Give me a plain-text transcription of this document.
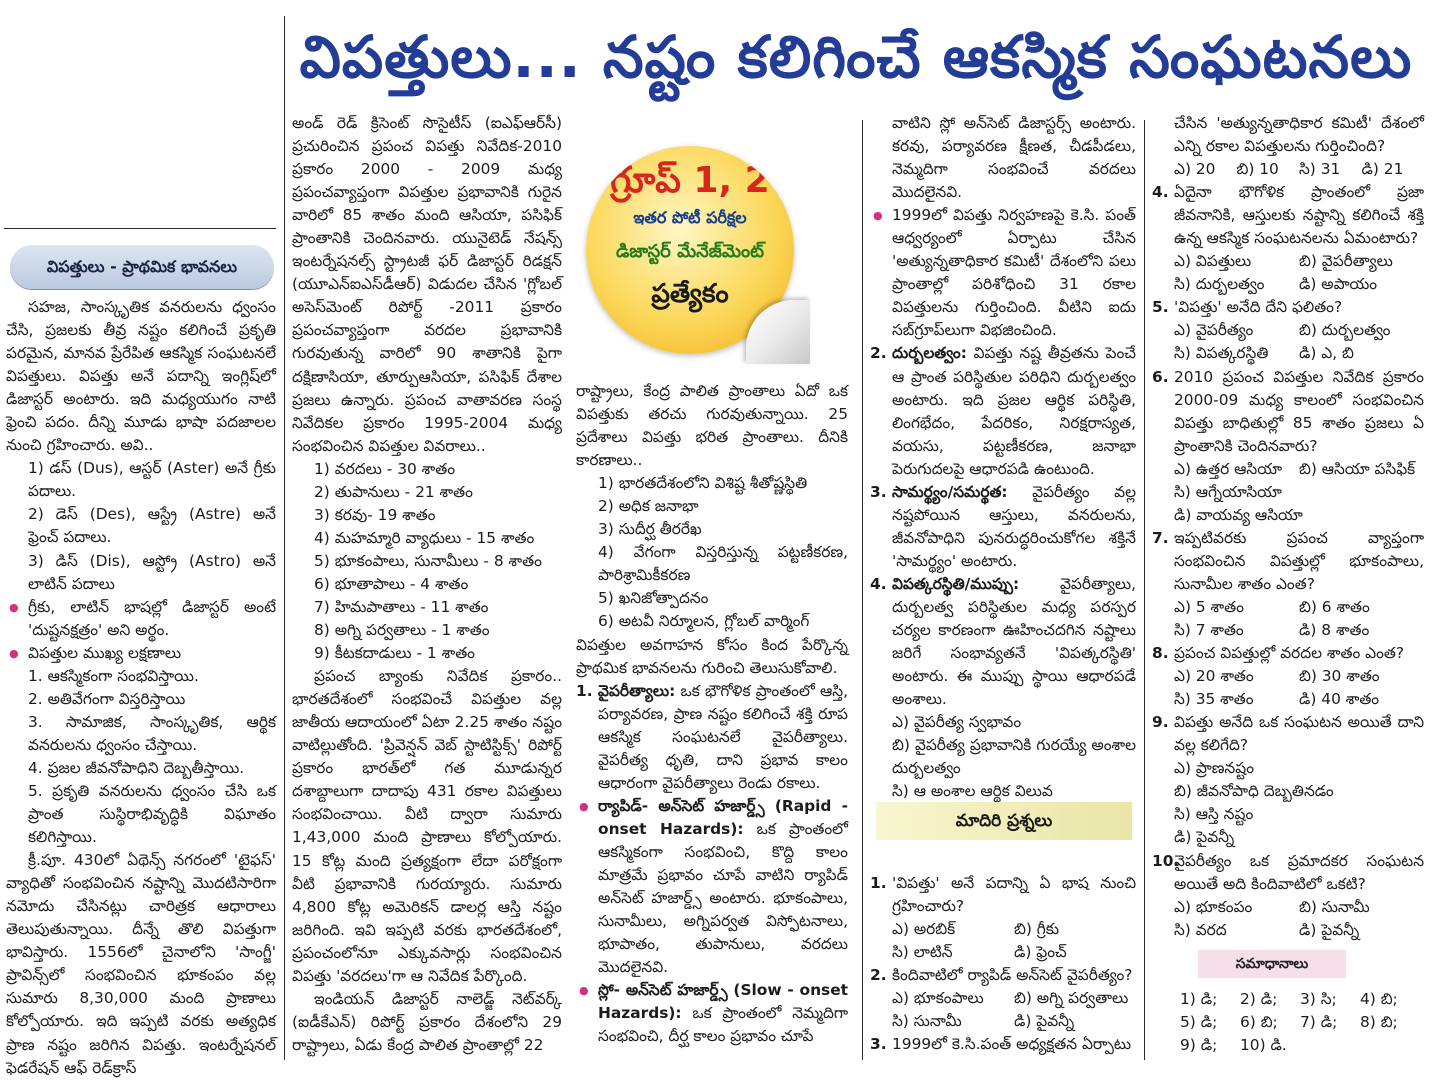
విపత్తులు... నష్టం కలిగించే ఆకస్మిక సంఘటనలు
విపత్తులు - ప్రాథమిక భావనలు

సహజ, సాంస్కృతిక వనరులను ధ్వంసం చేసి, ప్రజలకు తీవ్ర నష్టం కలిగించే ప్రకృతి పరమైన, మానవ ప్రేరేపిత ఆకస్మిక సంఘటనలే విపత్తులు. విపత్తు అనే పదాన్ని ఇంగ్లిష్‌లో డిజాస్టర్ అంటారు. ఇది మధ్యయుగం నాటి ఫ్రెంచి పదం. దీన్ని మూడు భాషా పదజాలల నుంచి గ్రహించారు. అవి..

1) డస్ (Dus), ఆస్టర్ (Aster) అనే గ్రీకు పదాలు.

2) డెస్ (Des), ఆస్ట్రే (Astre) అనే ఫ్రెంచ్ పదాలు.

3) డిస్ (Dis), ఆస్ట్రో (Astro) అనే లాటిన్ పదాలు

● గ్రీకు, లాటిన్ భాషల్లో డిజాస్టర్ అంటే 'దుష్టనక్షత్రం' అని అర్థం.

● విపత్తుల ముఖ్య లక్షణాలు

1. ఆకస్మికంగా సంభవిస్తాయి.

2. అతివేగంగా విస్తరిస్తాయి

3. సామాజిక, సాంస్కృతిక, ఆర్థిక వనరులను ధ్వంసం చేస్తాయి.

4. ప్రజల జీవనోపాధిని దెబ్బతీస్తాయి.

5. ప్రకృతి వనరులను ధ్వంసం చేసి ఒక ప్రాంత సుస్థిరాభివృద్ధికి విఘాతం కలిగిస్తాయి.

క్రీ.పూ. 430లో ఏథెన్స్ నగరంలో 'టైఫస్' వ్యాధితో సంభవించిన నష్టాన్ని మొదటిసారిగా నమోదు చేసినట్లు చారిత్రక ఆధారాలు తెలుపుతున్నాయి. దీన్నే తొలి విపత్తుగా భావిస్తారు. 1556లో చైనాలోని 'సాంగ్జీ' ప్రావిన్స్‌లో సంభవించిన భూకంపం వల్ల సుమారు 8,30,000 మంది ప్రాణాలు కోల్పోయారు. ఇది ఇప్పటి వరకు అత్యధిక ప్రాణ నష్టం జరిగిన విపత్తు. ఇంటర్నేషనల్ ఫెడరేషన్ ఆఫ్ రెడ్‌క్రాస్

అండ్ రెడ్ క్రిసెంట్ సొసైటీస్ (ఐఎఫ్‌ఆర్‌సీ) ప్రచురించిన ప్రపంచ విపత్తు నివేదిక-2010 ప్రకారం 2000 - 2009 మధ్య ప్రపంచవ్యాప్తంగా విపత్తుల ప్రభావానికి గురైన వారిలో 85 శాతం మంది ఆసియా, పసిఫిక్ ప్రాంతానికి చెందినవారు. యునైటెడ్ నేషన్స్ ఇంటర్నేషనల్స్ స్ట్రాటజీ ఫర్ డిజాస్టర్ రిడక్షన్ (యూఎన్ఐఎస్‌డీఆర్) విడుదల చేసిన 'గ్లోబల్ అసెస్‌మెంట్ రిపోర్ట్ -2011 ప్రకారం ప్రపంచవ్యాప్తంగా వరదల ప్రభావానికి గురవుతున్న వారిలో 90 శాతానికి పైగా దక్షిణాసియా, తూర్పుఆసియా, పసిఫిక్ దేశాల ప్రజలు ఉన్నారు. ప్రపంచ వాతావరణ సంస్థ నివేదికల ప్రకారం 1995-2004 మధ్య సంభవించిన విపత్తుల వివరాలు..

1) వరదలు - 30 శాతం

2) తుపానులు - 21 శాతం

3) కరవు- 19 శాతం

4) మహమ్మారి వ్యాధులు - 15 శాతం

5) భూకంపాలు, సునామీలు - 8 శాతం

6) భూతాపాలు - 4 శాతం

7) హిమపాతాలు - 11 శాతం

8) అగ్ని పర్వతాలు - 1 శాతం

9) కీటకదాడులు - 1 శాతం

ప్రపంచ బ్యాంకు నివేదిక ప్రకారం.. భారతదేశంలో సంభవించే విపత్తుల వల్ల జాతీయ ఆదాయంలో ఏటా 2.25 శాతం నష్టం వాటిల్లుతోంది. 'ప్రివెన్షన్ వెబ్ స్టాటిస్టిక్స్' రిపోర్ట్ ప్రకారం భారత్‌లో గత మూడున్నర దశాబ్దాలుగా దాదాపు 431 రకాల విపత్తులు సంభవించాయి. వీటి ద్వారా సుమారు 1,43,000 మంది ప్రాణాలు కోల్పోయారు. 15 కోట్ల మంది ప్రత్యక్షంగా లేదా పరోక్షంగా వీటి ప్రభావానికి గురయ్యారు. సుమారు 4,800 కోట్ల అమెరికన్ డాలర్ల ఆస్తి నష్టం జరిగింది. ఇవి ఇప్పటి వరకు భారతదేశంలో, ప్రపంచంలోనూ ఎక్కువసార్లు సంభవించిన విపత్తు 'వరదలు'గా ఆ నివేదిక పేర్కొంది.

ఇండియన్ డిజాస్టర్ నాలెడ్జ్ నెట్‌వర్క్ (ఐడీకేఎన్) రిపోర్ట్ ప్రకారం దేశంలోని 29 రాష్ట్రాలు, ఏడు కేంద్ర పాలిత ప్రాంతాల్లో 22

గ్రూప్ 1, 2
ఇతర పోటీ పరీక్షల
డిజాస్టర్ మేనేజ్‌మెంట్
ప్రత్యేకం

రాష్ట్రాలు, కేంద్ర పాలిత ప్రాంతాలు ఏదో ఒక విపత్తుకు తరచు గురవుతున్నాయి. 25 ప్రదేశాలు విపత్తు భరిత ప్రాంతాలు. దీనికి కారణాలు..

1) భారతదేశంలోని విశిష్ట శీతోష్ణస్థితి

2) అధిక జనాభా

3) సుదీర్ఘ తీరరేఖ

4) వేగంగా విస్తరిస్తున్న పట్టణీకరణ, పారిశ్రామికీకరణ

5) ఖనిజోత్పాదనం

6) అటవీ నిర్మూలన, గ్లోబల్ వార్మింగ్

విపత్తుల అవగాహన కోసం కింద పేర్కొన్న ప్రాథమిక భావనలను గురించి తెలుసుకోవాలి.

1. వైపరీత్యాలు: ఒక భౌగోళిక ప్రాంతంలో ఆస్తి, పర్యావరణ, ప్రాణ నష్టం కలిగించే శక్తి రూప ఆకస్మిక సంఘటనలే వైపరీత్యాలు. వైపరీత్య ధృతి, దాని ప్రభావ కాలం ఆధారంగా వైపరీత్యాలు రెండు రకాలు.

● ర్యాపిడ్- అన్‌సెట్ హజార్డ్స్ (Rapid - onset Hazards): ఒక ప్రాంతంలో ఆకస్మికంగా సంభవించి, కొద్ది కాలం మాత్రమే ప్రభావం చూపే వాటిని ర్యాపిడ్ అన్‌సెట్ హజార్డ్స్ అంటారు. భూకంపాలు, సునామీలు, అగ్నిపర్వత విస్ఫోటనాలు, భూపాతం, తుపానులు, వరదలు మొదలైనవి.

● స్లో- అన్‌సెట్ హజార్డ్స్ (Slow - onset Hazards): ఒక ప్రాంతంలో నెమ్మదిగా సంభవించి, దీర్ఘ కాలం ప్రభావం చూపే

వాటిని స్లో అన్‌సెట్ డిజాస్టర్స్ అంటారు. కరవు, పర్యావరణ క్షీణత, చీడపీడలు, నెమ్మదిగా సంభవించే వరదలు మొదలైనవి.

● 1999లో విపత్తు నిర్వహణపై కె.సి. పంత్ ఆధ్వర్యంలో ఏర్పాటు చేసిన 'అత్యున్నతాధికార కమిటీ' దేశంలోని పలు ప్రాంతాల్లో పరిశోధించి 31 రకాల విపత్తులను గుర్తించింది. వీటిని ఐదు సబ్‌గ్రూప్‌లుగా విభజించింది.

2. దుర్బలత్వం: విపత్తు నష్ట తీవ్రతను పెంచే ఆ ప్రాంత పరిస్థితుల పరిధిని దుర్బలత్వం అంటారు. ఇది ప్రజల ఆర్థిక పరిస్థితి, లింగభేదం, పేదరికం, నిరక్షరాస్యత, వయసు, పట్టణీకరణ, జనాభా పెరుగుదలపై ఆధారపడి ఉంటుంది.

3. సామర్థ్యం/సమర్థత: వైపరీత్యం వల్ల నష్టపోయిన ఆస్తులు, వనరులను, జీవనోపాధిని పునరుద్ధరించుకోగల శక్తినే 'సామర్థ్యం' అంటారు.

4. విపత్కరస్థితి/ముప్పు:	వైపరీత్యాలు, దుర్బలత్వ పరిస్థితుల మధ్య పరస్పర చర్యల కారణంగా ఊహించదగిన నష్టాలు జరిగే సంభావ్యతనే 'విపత్కరస్థితి' అంటారు. ఈ ముప్పు స్థాయి ఆధారపడే అంశాలు.

ఎ) వైపరీత్య స్వభావం

బి) వైపరీత్య ప్రభావానికి గురయ్యే అంశాల దుర్బలత్వం

సి) ఆ అంశాల ఆర్థిక విలువ

మాదిరి ప్రశ్నలు

1. 'విపత్తు' అనే పదాన్ని ఏ భాష నుంచి గ్రహించారు?

ఎ) అరబిక్	బి) గ్రీకు
సి) లాటిన్	డి) ఫ్రెంచ్

2. కిందివాటిలో ర్యాపిడ్ అన్‌సెట్ వైపరీత్యం?

ఎ) భూకంపాలు	బి) అగ్ని పర్వతాలు
సి) సునామీ	డి) పైవన్నీ

3. 1999లో కె.సి.పంత్ అధ్యక్షతన ఏర్పాటు

చేసిన 'అత్యున్నతాధికార కమిటీ' దేశంలో ఎన్ని రకాల విపత్తులను గుర్తించింది?

ఎ) 20	బి) 10	సి) 31	డి) 21

4. ఏదైనా భౌగోళిక ప్రాంతంలో ప్రజా జీవనానికి, ఆస్తులకు నష్టాన్ని కలిగించే శక్తి ఉన్న ఆకస్మిక సంఘటనలను ఏమంటారు?

ఎ) విపత్తులు	బి) వైపరీత్యాలు
సి) దుర్బలత్వం	డి) అపాయం

5. 'విపత్తు' అనేది దేని ఫలితం?

ఎ) వైపరీత్యం	బి) దుర్బలత్వం
సి) విపత్కరస్థితి	డి) ఎ, బి

6. 2010 ప్రపంచ విపత్తుల నివేదిక ప్రకారం 2000-09 మధ్య కాలంలో సంభవించిన విపత్తు బాధితుల్లో 85 శాతం ప్రజలు ఏ ప్రాంతానికి చెందినవారు?

ఎ) ఉత్తర ఆసియా	బి) ఆసియా పసిఫిక్

సి) ఆగ్నేయాసియా

డి) వాయవ్య ఆసియా

7. ఇప్పటివరకు ప్రపంచ వ్యాప్తంగా సంభవించిన విపత్తుల్లో భూకంపాలు, సునామీల శాతం ఎంత?

ఎ) 5 శాతం	బి) 6 శాతం
సి) 7 శాతం	డి) 8 శాతం

8. ప్రపంచ విపత్తుల్లో వరదల శాతం ఎంత?

ఎ) 20 శాతం	బి) 30 శాతం
సి) 35 శాతం	డి) 40 శాతం

9. విపత్తు అనేది ఒక సంఘటన అయితే దాని వల్ల కలిగేది?

ఎ) ప్రాణనష్టం

బి) జీవనోపాధి దెబ్బతినడం

సి) ఆస్తి నష్టం

డి) పైవన్నీ

10.
వైపరీత్యం ఒక ప్రమాదకర సంఘటన అయితే అది కిందివాటిలో ఒకటి?

ఎ) భూకంపం	బి) సునామీ
సి) వరద	డి) పైవన్నీ
సమాధానాలు
1) డి;	2) డి;	3) సి;	4) బి;
5) డి;	6) బి;	7) డి;	8) బి;
9) డి;	10) డి.
